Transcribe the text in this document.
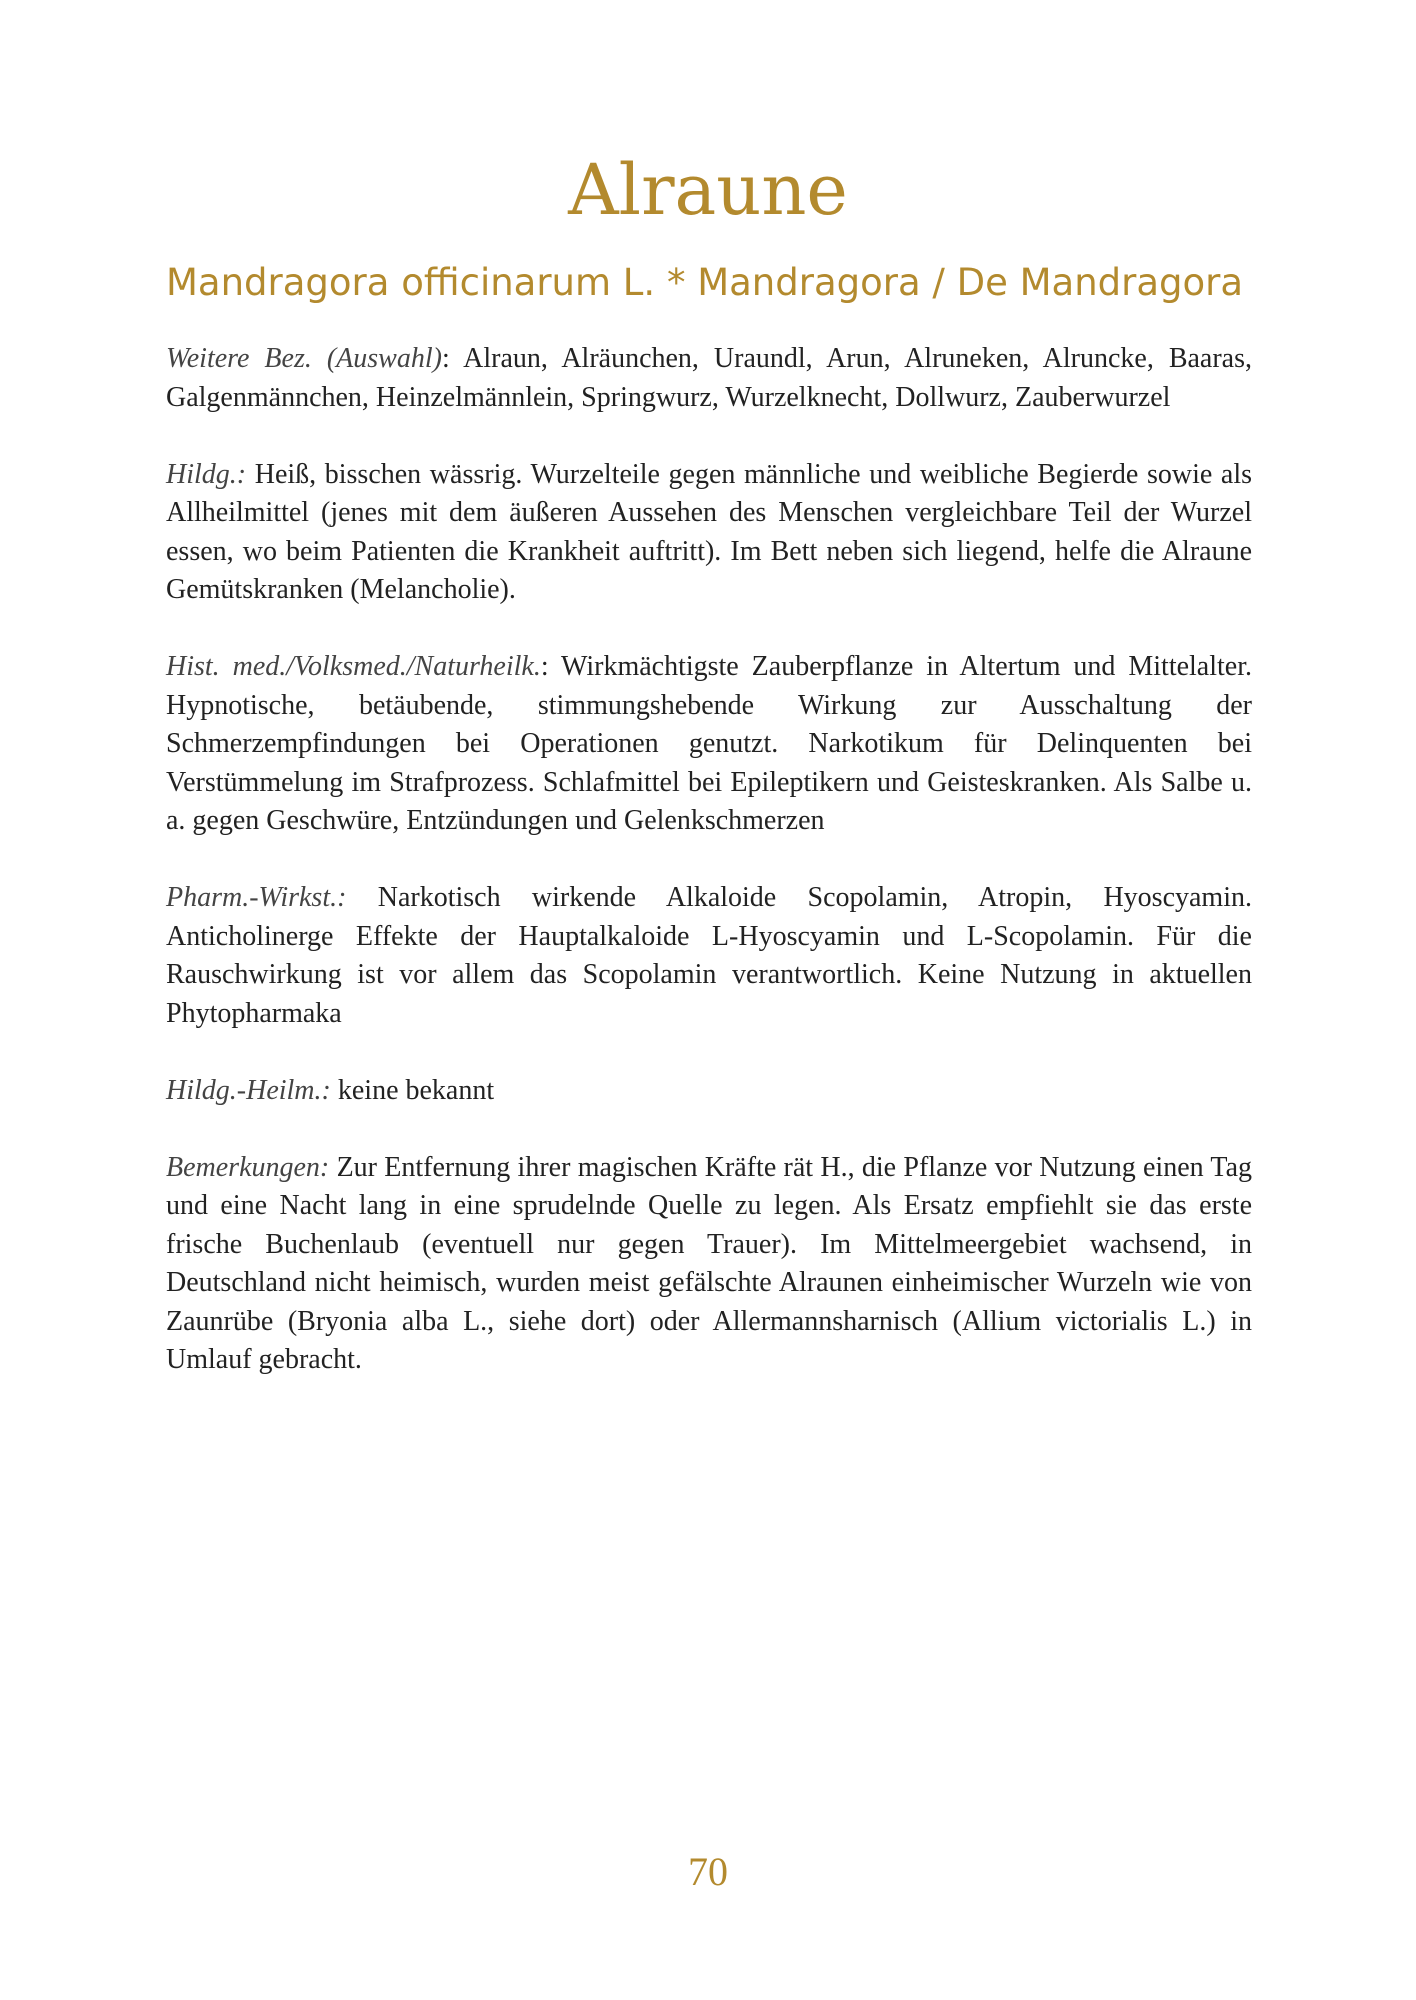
Alraune
Mandragora officinarum L. * Mandragora / De Mandragora

Weitere Bez. (Auswahl): Alraun, Alräunchen, Uraundl, Arun, Alruneken, Alruncke, Baaras, Galgenmännchen, Heinzelmännlein, Springwurz, Wurzelknecht, Dollwurz, Zauberwurzel

Hildg.: Heiß, bisschen wässrig. Wurzelteile gegen männliche und weibliche Begierde sowie als Allheilmittel (jenes mit dem äußeren Aussehen des Menschen vergleichbare Teil der Wurzel essen, wo beim Patienten die Krankheit auftritt). Im Bett neben sich liegend, helfe die Alraune Gemütskranken (Melancholie).

Hist. med./Volksmed./Naturheilk.: Wirkmächtigste Zauberpflanze in Altertum und Mittelalter. Hypnotische, betäubende, stimmungshebende Wirkung zur Ausschaltung der Schmerzempfindungen bei Operationen genutzt. Narkotikum für Delinquenten bei Verstümmelung im Strafprozess. Schlafmittel bei Epileptikern und Geisteskranken. Als Salbe u. a. gegen Geschwüre, Entzündungen und Gelenkschmerzen

Pharm.-Wirkst.: Narkotisch wirkende Alkaloide Scopolamin, Atropin, Hyoscyamin. Anticholinerge Effekte der Hauptalkaloide L-Hyoscyamin und L-Scopolamin. Für die Rauschwirkung ist vor allem das Scopolamin verantwortlich. Keine Nutzung in aktuellen Phytopharmaka

Hildg.-Heilm.: keine bekannt

Bemerkungen: Zur Entfernung ihrer magischen Kräfte rät H., die Pflanze vor Nutzung einen Tag und eine Nacht lang in eine sprudelnde Quelle zu legen. Als Ersatz empfiehlt sie das erste frische Buchenlaub (eventuell nur gegen Trauer). Im Mittelmeergebiet wachsend, in Deutschland nicht heimisch, wurden meist gefälschte Alraunen einheimischer Wurzeln wie von Zaunrübe (Bryonia alba L., siehe dort) oder Allermannsharnisch (Allium victorialis L.) in Umlauf gebracht.

70
